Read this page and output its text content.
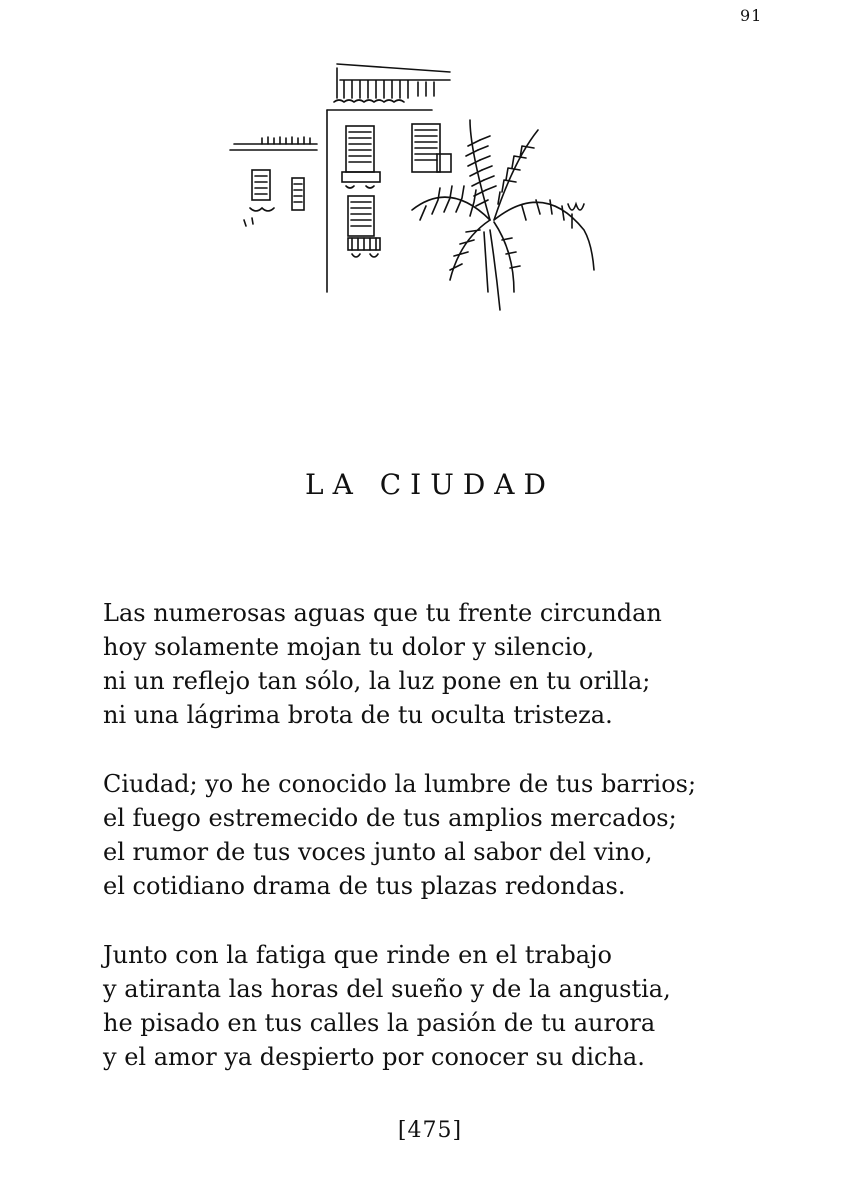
91
LA CIUDAD
Las numerosas aguas que tu frente circundan
hoy solamente mojan tu dolor y silencio,
ni un reflejo tan sólo, la luz pone en tu orilla;
ni una lágrima brota de tu oculta tristeza.
Ciudad; yo he conocido la lumbre de tus barrios;
el fuego estremecido de tus amplios mercados;
el rumor de tus voces junto al sabor del vino,
el cotidiano drama de tus plazas redondas.
Junto con la fatiga que rinde en el trabajo
y atiranta las horas del sueño y de la angustia,
he pisado en tus calles la pasión de tu aurora
y el amor ya despierto por conocer su dicha.
[475]
